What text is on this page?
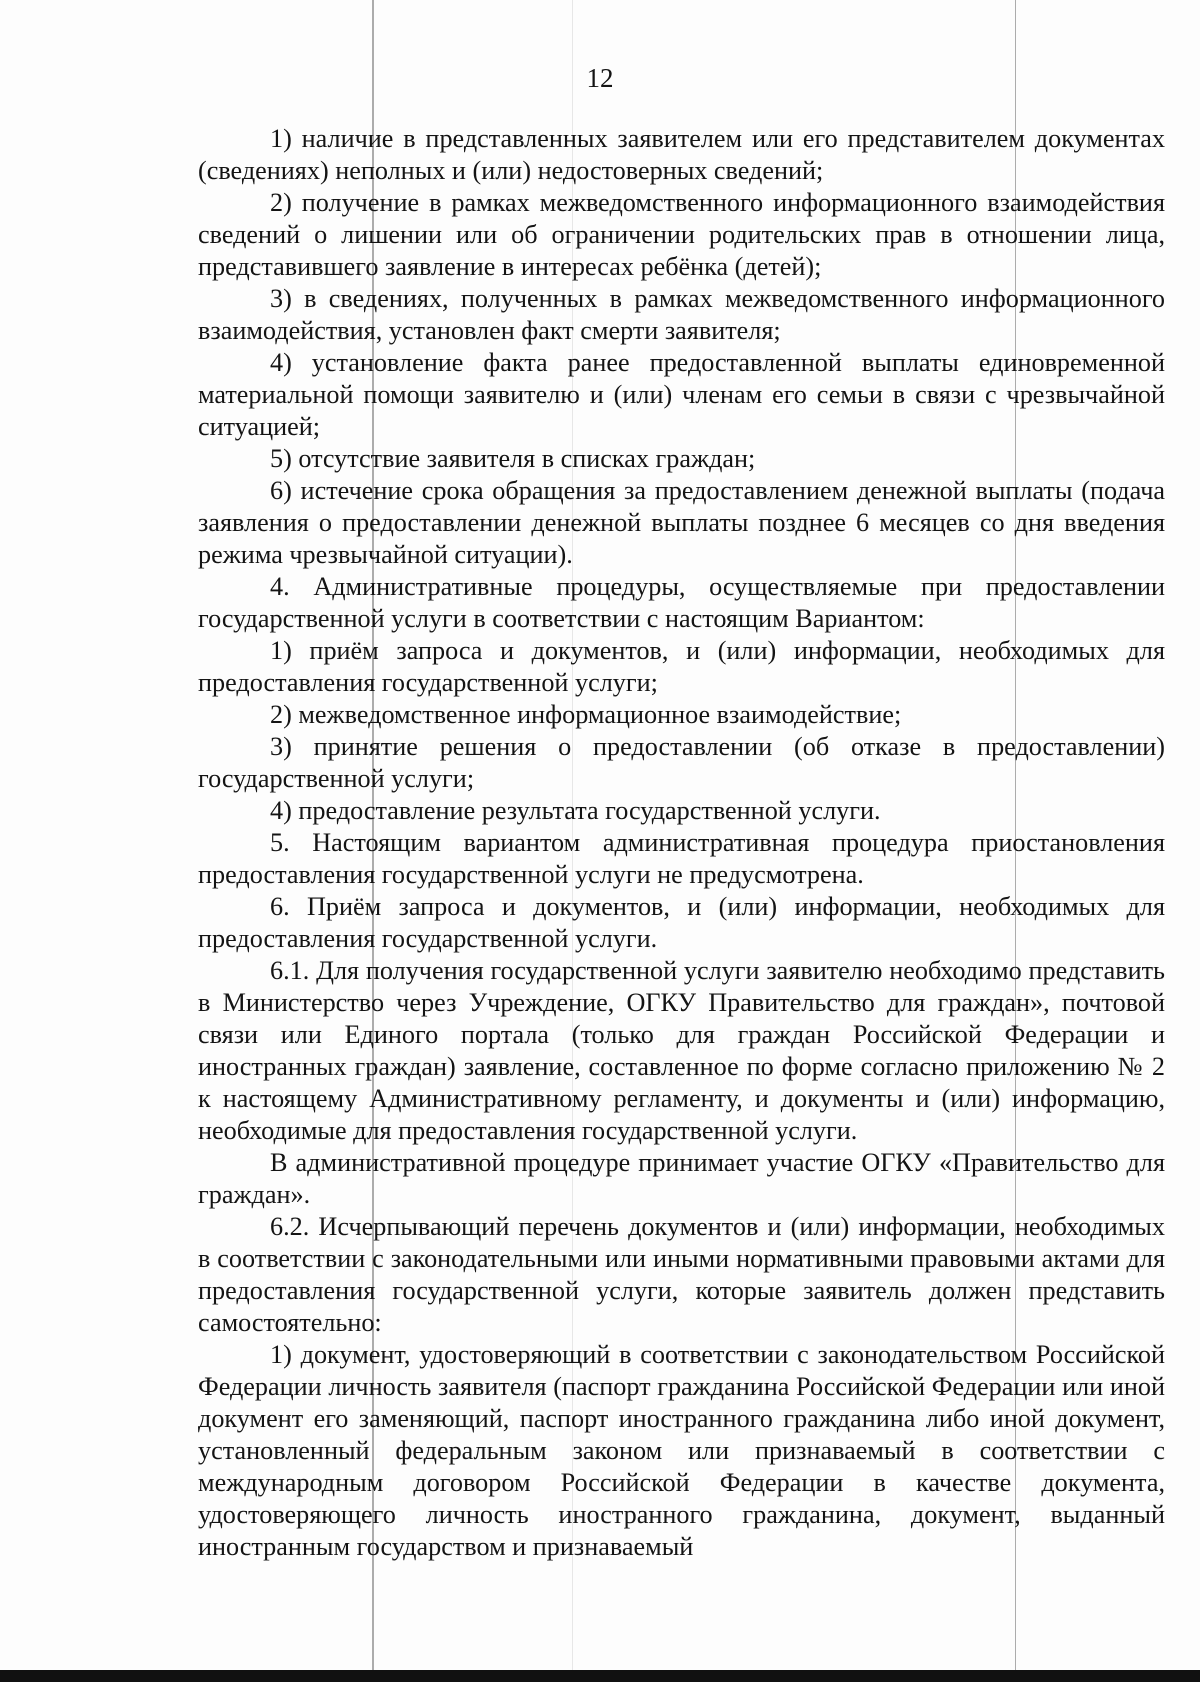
12

1) наличие в представленных заявителем или его представителем документах (сведениях) неполных и (или) недостоверных сведений;

2) получение в рамках межведомственного информационного взаимодействия сведений о лишении или об ограничении родительских прав в отношении лица, представившего заявление в интересах ребёнка (детей);

3) в сведениях, полученных в рамках межведомственного информационного взаимодействия, установлен факт смерти заявителя;

4) установление факта ранее предоставленной выплаты единовременной материальной помощи заявителю и (или) членам его семьи в связи с чрезвычайной ситуацией;

5) отсутствие заявителя в списках граждан;

6) истечение срока обращения за предоставлением денежной выплаты (подача заявления о предоставлении денежной выплаты позднее 6 месяцев со дня введения режима чрезвычайной ситуации).

4. Административные процедуры, осуществляемые при предоставлении государственной услуги в соответствии с настоящим Вариантом:

1) приём запроса и документов, и (или) информации, необходимых для предоставления государственной услуги;

2) межведомственное информационное взаимодействие;

3) принятие решения о предоставлении (об отказе в предоставлении) государственной услуги;

4) предоставление результата государственной услуги.

5. Настоящим вариантом административная процедура приостановления предоставления государственной услуги не предусмотрена.

6. Приём запроса и документов, и (или) информации, необходимых для предоставления государственной услуги.

6.1. Для получения государственной услуги заявителю необходимо представить в Министерство через Учреждение, ОГКУ Правительство для граждан», почтовой связи или Единого портала (только для граждан Российской Федерации и иностранных граждан) заявление, составленное по форме согласно приложению № 2 к настоящему Административному регламенту, и документы и (или) информацию, необходимые для предоставления государственной услуги.

В административной процедуре принимает участие ОГКУ «Правительство для граждан».

6.2. Исчерпывающий перечень документов и (или) информации, необходимых в соответствии с законодательными или иными нормативными правовыми актами для предоставления государственной услуги, которые заявитель должен представить самостоятельно:

1) документ, удостоверяющий в соответствии с законодательством Российской Федерации личность заявителя (паспорт гражданина Российской Федерации или иной документ его заменяющий, паспорт иностранного гражданина либо иной документ, установленный федеральным законом или признаваемый в соответствии с международным договором Российской Федерации в качестве документа, удостоверяющего личность иностранного гражданина, документ, выданный иностранным государством и признаваемый
